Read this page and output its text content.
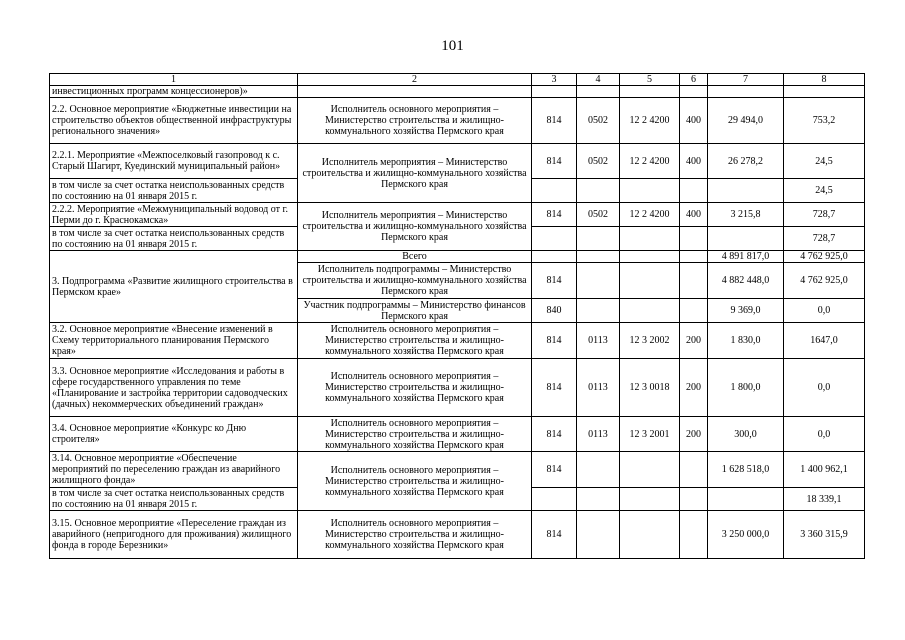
101
1	2	3	4	5	6	7	8
инвестиционных программ концессионеров)»							
2.2. Основное мероприятие «Бюджетные инвестиции на строительство объектов общественной инфраструктуры регионального значения»	Исполнитель основного мероприятия – Министерство строительства и жилищно-коммунального хозяйства Пермского края	814	0502	12 2 4200	400	29 494,0	753,2
2.2.1. Мероприятие «Межпоселковый газопровод к с. Старый Шагирт, Куединский муниципальный район»	Исполнитель мероприятия – Министерство строительства и жилищно-коммунального хозяйства Пермского края	814	0502	12 2 4200	400	26 278,2	24,5
в том числе за счет остатка неиспользованных средств по состоянию на 01 января 2015 г.							24,5
2.2.2. Мероприятие «Межмуниципальный водовод от г. Перми до г. Краснокамска»	Исполнитель мероприятия – Министерство строительства и жилищно-коммунального хозяйства Пермского края	814	0502	12 2 4200	400	3 215,8	728,7
в том числе за счет остатка неиспользованных средств по состоянию на 01 января 2015 г.							728,7
3. Подпрограмма «Развитие жилищного строительства в Пермском крае»	Всего					4 891 817,0	4 762 925,0
	Исполнитель подпрограммы – Министерство строительства и жилищно-коммунального хозяйства Пермского края	814				4 882 448,0	4 762 925,0
	Участник подпрограммы – Министерство финансов Пермского края	840				9 369,0	0,0
3.2. Основное мероприятие «Внесение изменений в Схему территориального планирования Пермского края»	Исполнитель основного мероприятия – Министерство строительства и жилищно-коммунального хозяйства Пермского края	814	0113	12 3 2002	200	1 830,0	1647,0
3.3. Основное мероприятие «Исследования и работы в сфере государственного управления по теме «Планирование и застройка территории садоводческих (дачных) некоммерческих объединений граждан»	Исполнитель основного мероприятия – Министерство строительства и жилищно-коммунального хозяйства Пермского края	814	0113	12 3 0018	200	1 800,0	0,0
3.4. Основное мероприятие «Конкурс ко Дню строителя»	Исполнитель основного мероприятия – Министерство строительства и жилищно-коммунального хозяйства Пермского края	814	0113	12 3 2001	200	300,0	0,0
3.14. Основное мероприятие «Обеспечение мероприятий по переселению граждан из аварийного жилищного фонда»	Исполнитель основного мероприятия – Министерство строительства и жилищно-коммунального хозяйства Пермского края	814				1 628 518,0	1 400 962,1
в том числе за счет остатка неиспользованных средств по состоянию на 01 января 2015 г.							18 339,1
3.15. Основное мероприятие «Переселение граждан из аварийного (непригодного для проживания) жилищного фонда в городе Березники»	Исполнитель основного мероприятия – Министерство строительства и жилищно-коммунального хозяйства Пермского края	814				3 250 000,0	3 360 315,9
